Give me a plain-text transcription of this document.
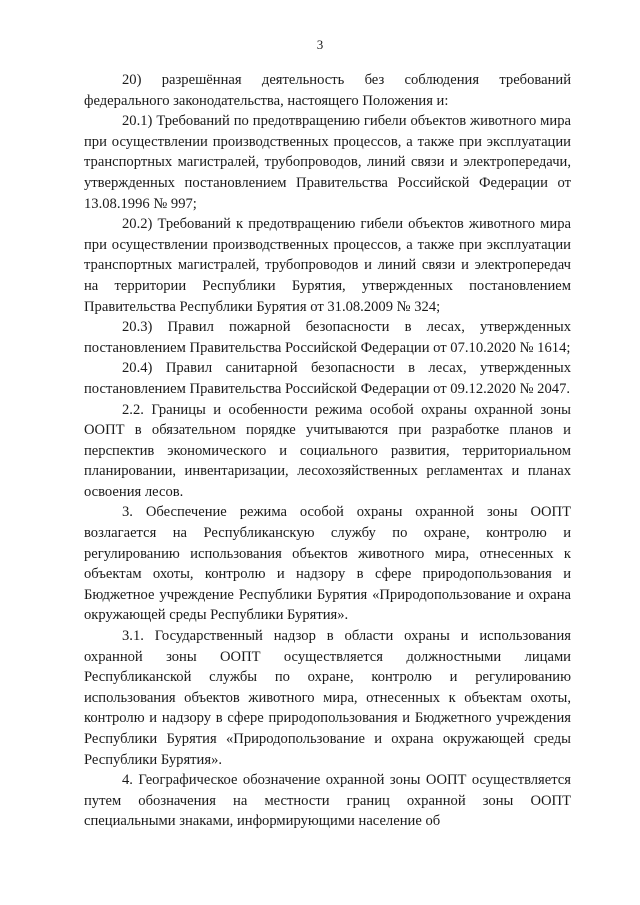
3

20) разрешённая деятельность без соблюдения требований федерального законодательства, настоящего Положения и:

20.1) Требований по предотвращению гибели объектов животного мира при осуществлении производственных процессов, а также при эксплуатации транспортных магистралей, трубопроводов, линий связи и электропередачи, утвержденных постановлением Правительства Российской Федерации от 13.08.1996 № 997;

20.2) Требований к предотвращению гибели объектов животного мира при осуществлении производственных процессов, а также при эксплуатации транспортных магистралей, трубопроводов и линий связи и электропередач на территории Республики Бурятия, утвержденных постановлением Правительства Республики Бурятия от 31.08.2009 № 324;

20.3) Правил пожарной безопасности в лесах, утвержденных постановлением Правительства Российской Федерации от 07.10.2020 № 1614;

20.4) Правил санитарной безопасности в лесах, утвержденных постановлением Правительства Российской Федерации от 09.12.2020 № 2047.

2.2. Границы и особенности режима особой охраны охранной зоны ООПТ в обязательном порядке учитываются при разработке планов и перспектив экономического и социального развития, территориальном планировании, инвентаризации, лесохозяйственных регламентах и планах освоения лесов.

3. Обеспечение режима особой охраны охранной зоны ООПТ возлагается на Республиканскую службу по охране, контролю и регулированию использования объектов животного мира, отнесенных к объектам охоты, контролю и надзору в сфере природопользования и Бюджетное учреждение Республики Бурятия «Природопользование и охрана окружающей среды Республики Бурятия».

3.1. Государственный надзор в области охраны и использования охранной зоны ООПТ осуществляется должностными лицами Республиканской службы по охране, контролю и регулированию использования объектов животного мира, отнесенных к объектам охоты, контролю и надзору в сфере природопользования и Бюджетного учреждения Республики Бурятия «Природопользование и охрана окружающей среды Республики Бурятия».

4. Географическое обозначение охранной зоны ООПТ осуществляется путем обозначения на местности границ охранной зоны ООПТ специальными знаками, информирующими население об
